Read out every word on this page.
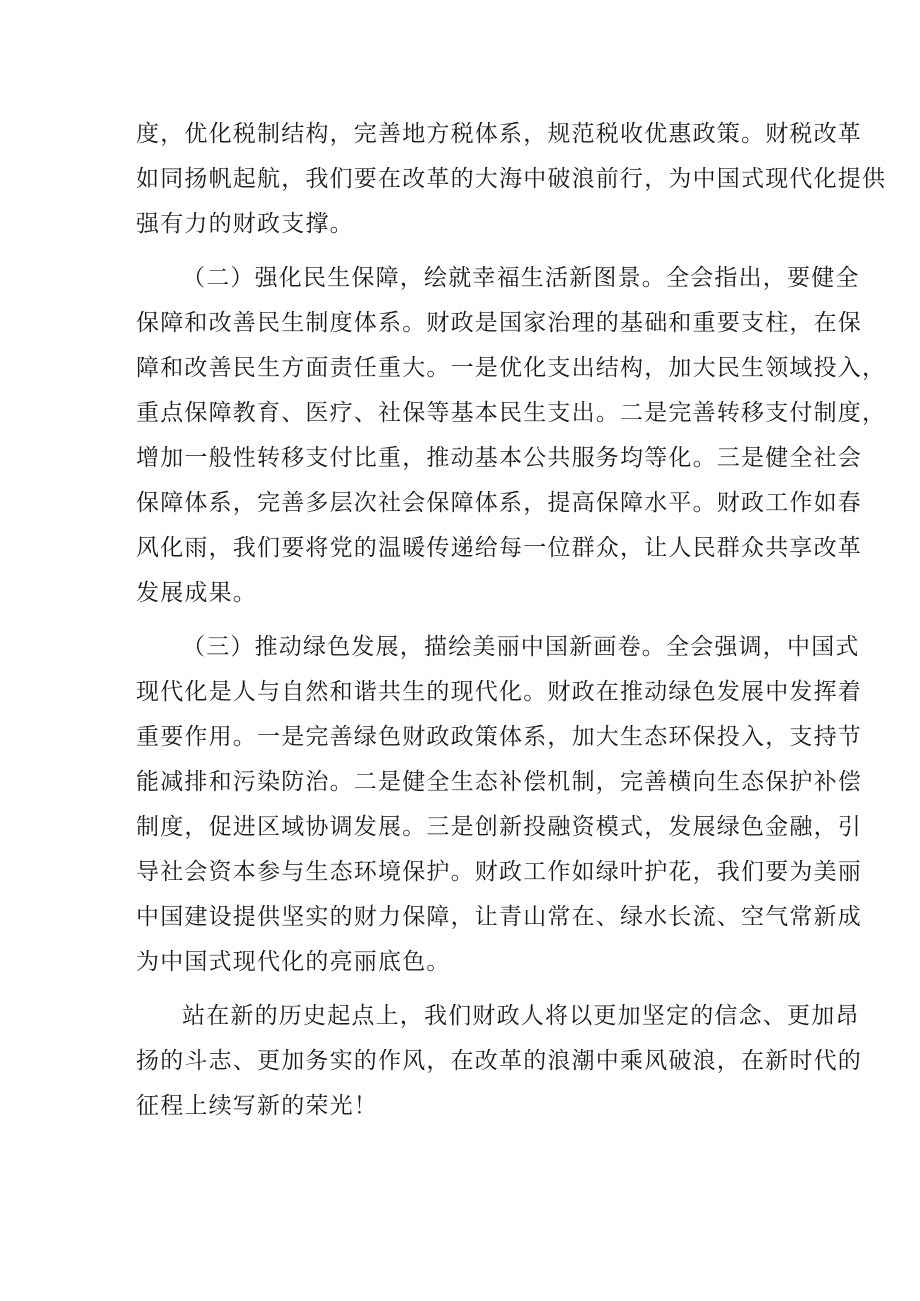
度，优化税制结构，完善地方税体系，规范税收优惠政策。财税改革
如同扬帆起航，我们要在改革的大海中破浪前行，为中国式现代化提供
强有力的财政支撑。
（二）强化民生保障，绘就幸福生活新图景。全会指出，要健全
保障和改善民生制度体系。财政是国家治理的基础和重要支柱，在保
障和改善民生方面责任重大。一是优化支出结构，加大民生领域投入，
重点保障教育、医疗、社保等基本民生支出。二是完善转移支付制度，
增加一般性转移支付比重，推动基本公共服务均等化。三是健全社会
保障体系，完善多层次社会保障体系，提高保障水平。财政工作如春
风化雨，我们要将党的温暖传递给每一位群众，让人民群众共享改革
发展成果。
（三）推动绿色发展，描绘美丽中国新画卷。全会强调，中国式
现代化是人与自然和谐共生的现代化。财政在推动绿色发展中发挥着
重要作用。一是完善绿色财政政策体系，加大生态环保投入，支持节
能减排和污染防治。二是健全生态补偿机制，完善横向生态保护补偿
制度，促进区域协调发展。三是创新投融资模式，发展绿色金融，引
导社会资本参与生态环境保护。财政工作如绿叶护花，我们要为美丽
中国建设提供坚实的财力保障，让青山常在、绿水长流、空气常新成
为中国式现代化的亮丽底色。
站在新的历史起点上，我们财政人将以更加坚定的信念、更加昂
扬的斗志、更加务实的作风，在改革的浪潮中乘风破浪，在新时代的
征程上续写新的荣光！
